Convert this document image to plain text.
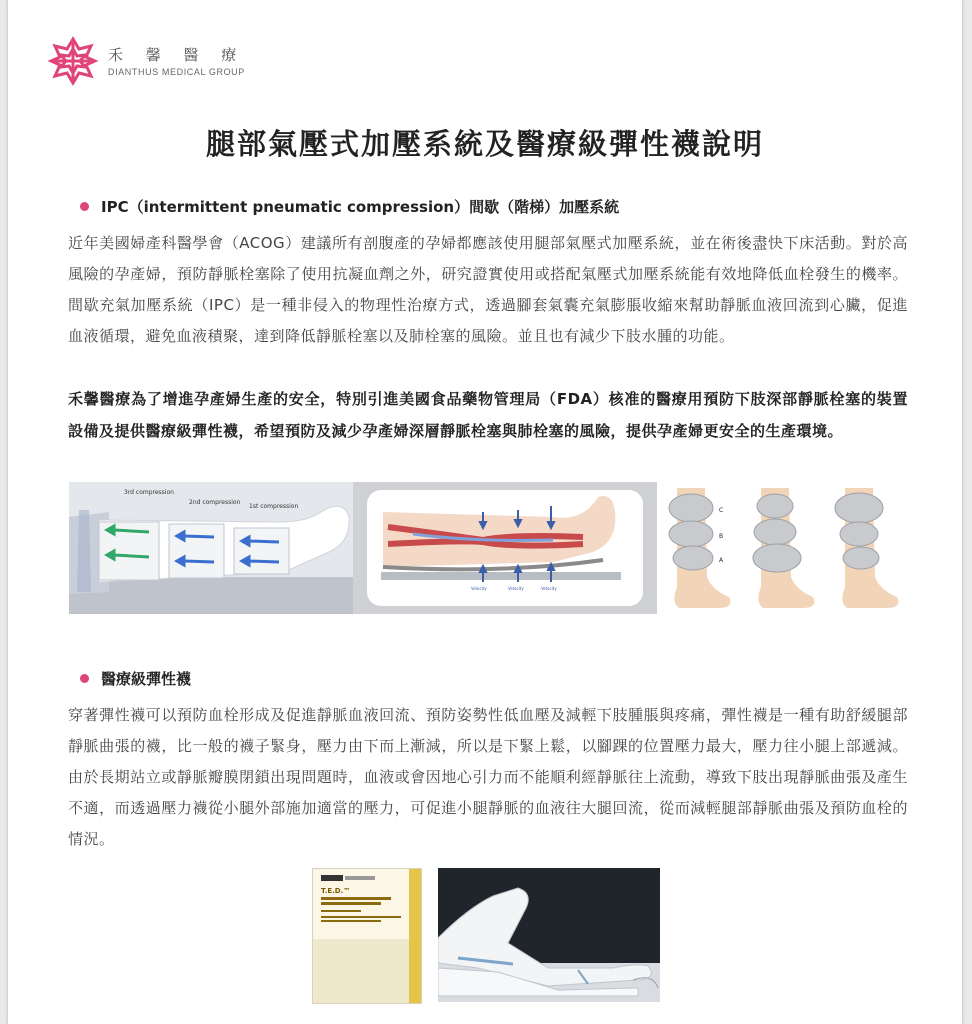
禾 馨 醫 療
DIANTHUS MEDICAL GROUP
腿部氣壓式加壓系統及醫療級彈性襪說明
IPC（intermittent pneumatic compression）間歇（階梯）加壓系統
近年美國婦產科醫學會（ACOG）建議所有剖腹產的孕婦都應該使用腿部氣壓式加壓系統，並在術後盡快下床活動。對於高風險的孕產婦，預防靜脈栓塞除了使用抗凝血劑之外，研究證實使用或搭配氣壓式加壓系統能有效地降低血栓發生的機率。間歇充氣加壓系統（IPC）是一種非侵入的物理性治療方式，透過腳套氣囊充氣膨脹收縮來幫助靜脈血液回流到心臟，促進血液循環，避免血液積聚，達到降低靜脈栓塞以及肺栓塞的風險。並且也有減少下肢水腫的功能。
禾馨醫療為了增進孕產婦生產的安全，特別引進美國食品藥物管理局（FDA）核准的醫療用預防下肢深部靜脈栓塞的裝置設備及提供醫療級彈性襪，希望預防及減少孕產婦深層靜脈栓塞與肺栓塞的風險，提供孕產婦更安全的生產環境。
3rd compression
2nd compression
1st compression
Velocity	Velocity	Velocity
C
B
A
醫療級彈性襪
穿著彈性襪可以預防血栓形成及促進靜脈血液回流、預防姿勢性低血壓及減輕下肢腫脹與疼痛，彈性襪是一種有助舒緩腿部靜脈曲張的襪，比一般的襪子緊身，壓力由下而上漸減，所以是下緊上鬆，以腳踝的位置壓力最大，壓力往小腿上部遞減。由於長期站立或靜脈瓣膜閉鎖出現問題時，血液或會因地心引力而不能順利經靜脈往上流動，導致下肢出現靜脈曲張及產生不適，而透過壓力襪從小腿外部施加適當的壓力，可促進小腿靜脈的血液往大腿回流，從而減輕腿部靜脈曲張及預防血栓的情況。
T.E.D.™
